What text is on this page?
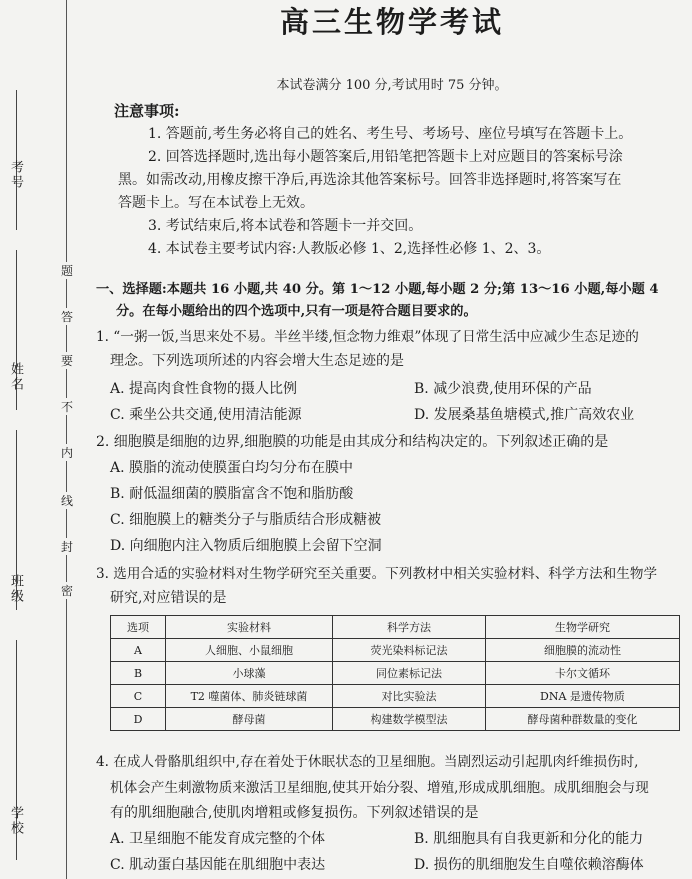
考号
姓名
班级
学校
题
答
要
不
内
线
封
密
高三生物学考试
本试卷满分 100 分,考试用时 75 分钟。
注意事项:
1. 答题前,考生务必将自己的姓名、考生号、考场号、座位号填写在答题卡上。
2. 回答选择题时,选出每小题答案后,用铅笔把答题卡上对应题目的答案标号涂
黑。如需改动,用橡皮擦干净后,再选涂其他答案标号。回答非选择题时,将答案写在
答题卡上。写在本试卷上无效。
3. 考试结束后,将本试卷和答题卡一并交回。
4. 本试卷主要考试内容:人教版必修 1、2,选择性必修 1、2、3。
一、选择题:本题共 16 小题,共 40 分。第 1～12 小题,每小题 2 分;第 13～16 小题,每小题 4
分。在每小题给出的四个选项中,只有一项是符合题目要求的。
1. “一粥一饭,当思来处不易。半丝半缕,恒念物力维艰”体现了日常生活中应减少生态足迹的
理念。下列选项所述的内容会增大生态足迹的是
A. 提高肉食性食物的摄人比例	B. 减少浪费,使用环保的产品
C. 乘坐公共交通,使用清洁能源	D. 发展桑基鱼塘模式,推广高效农业
2. 细胞膜是细胞的边界,细胞膜的功能是由其成分和结构决定的。下列叙述正确的是
A. 膜脂的流动使膜蛋白均匀分布在膜中
B. 耐低温细菌的膜脂富含不饱和脂肪酸
C. 细胞膜上的糖类分子与脂质结合形成糖被
D. 向细胞内注入物质后细胞膜上会留下空洞
3. 选用合适的实验材料对生物学研究至关重要。下列教材中相关实验材料、科学方法和生物学
研究,对应错误的是
选项	实验材料	科学方法	生物学研究
A	人细胞、小鼠细胞	荧光染料标记法	细胞膜的流动性
B	小球藻	同位素标记法	卡尔文循环
C	T2 噬菌体、肺炎链球菌	对比实验法	DNA 是遗传物质
D	酵母菌	构建数学模型法	酵母菌种群数量的变化
4. 在成人骨骼肌组织中,存在着处于休眠状态的卫星细胞。当剧烈运动引起肌肉纤维损伤时,
机体会产生刺激物质来激活卫星细胞,使其开始分裂、增殖,形成成肌细胞。成肌细胞会与现
有的肌细胞融合,使肌肉增粗或修复损伤。下列叙述错误的是
A. 卫星细胞不能发育成完整的个体	B. 肌细胞具有自我更新和分化的能力
C. 肌动蛋白基因能在肌细胞中表达	D. 损伤的肌细胞发生自噬依赖溶酶体
